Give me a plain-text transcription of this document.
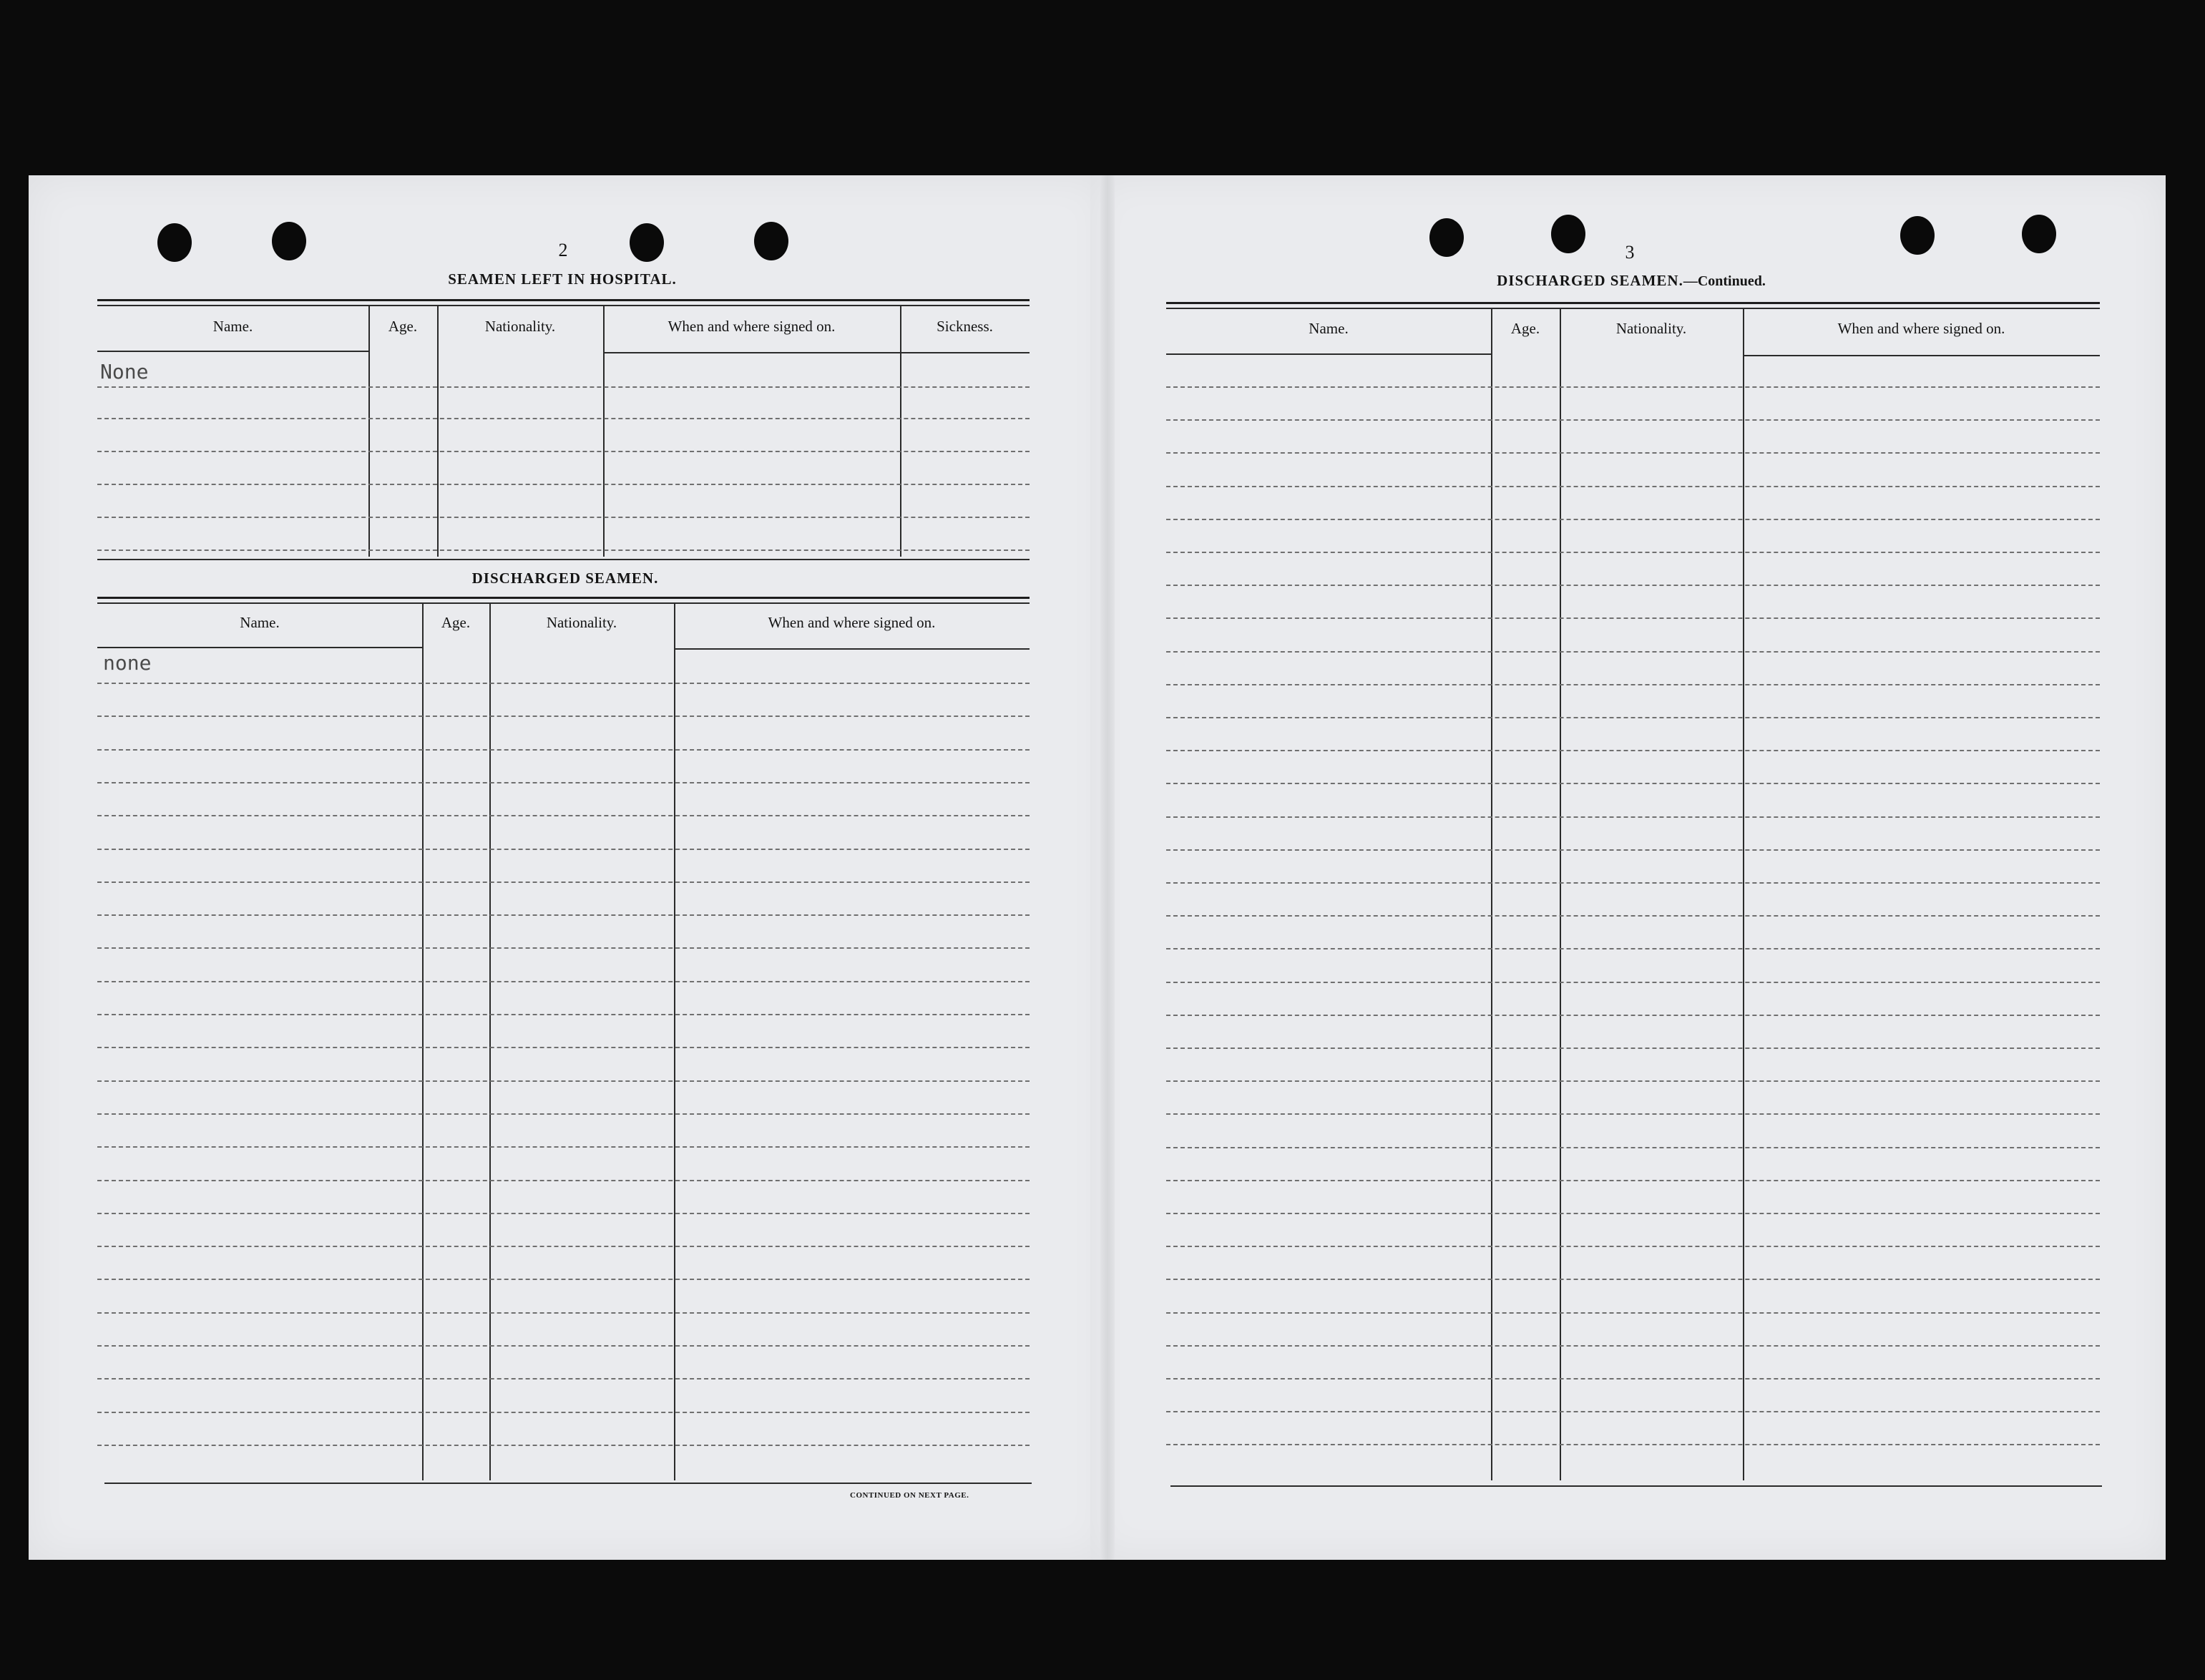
2
SEAMEN LEFT IN HOSPITAL.
Name.	Age.	Nationality.	When and where signed on.	Sickness.
None
DISCHARGED SEAMEN.
Name.	Age.	Nationality.	When and where signed on.
none
CONTINUED ON NEXT PAGE.
3
DISCHARGED SEAMEN.—Continued.
Name.	Age.	Nationality.	When and where signed on.
